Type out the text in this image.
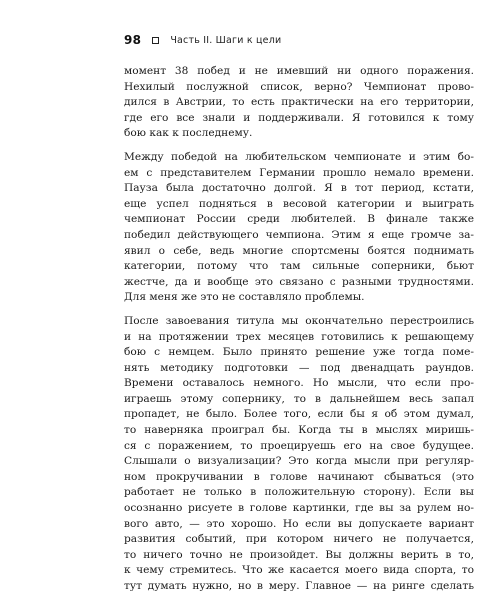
98	Часть II. Шаги к цели

момент 38 побед и не имевший ни одного поражения.
Нехилый послужной список, верно? Чемпионат прово-
дился в Австрии, то есть практически на его территории,
где его все знали и поддерживали. Я готовился к тому
бою как к последнему.

Между победой на любительском чемпионате и этим бо-
ем с представителем Германии прошло немало времени.
Пауза была достаточно долгой. Я в тот период, кстати,
еще успел подняться в весовой категории и выиграть
чемпионат России среди любителей. В финале также
победил действующего чемпиона. Этим я еще громче за-
явил о себе, ведь многие спортсмены боятся поднимать
категории, потому что там сильные соперники, бьют
жестче, да и вообще это связано с разными трудностями.
Для меня же это не составляло проблемы.

После завоевания титула мы окончательно перестроились
и на протяжении трех месяцев готовились к решающему
бою с немцем. Было принято решение уже тогда поме-
нять методику подготовки — под двенадцать раундов.
Времени оставалось немного. Но мысли, что если про-
играешь этому сопернику, то в дальнейшем весь запал
пропадет, не было. Более того, если бы я об этом думал,
то наверняка проиграл бы. Когда ты в мыслях миришь-
ся с поражением, то проецируешь его на свое будущее.
Слышали о визуализации? Это когда мысли при регуляр-
ном прокручивании в голове начинают сбываться (это
работает не только в положительную сторону). Если вы
осознанно рисуете в голове картинки, где вы за рулем но-
вого авто, — это хорошо. Но если вы допускаете вариант
развития событий, при котором ничего не получается,
то ничего точно не произойдет. Вы должны верить в то,
к чему стремитесь. Что же касается моего вида спорта, то
тут думать нужно, но в меру. Главное — на ринге сделать
